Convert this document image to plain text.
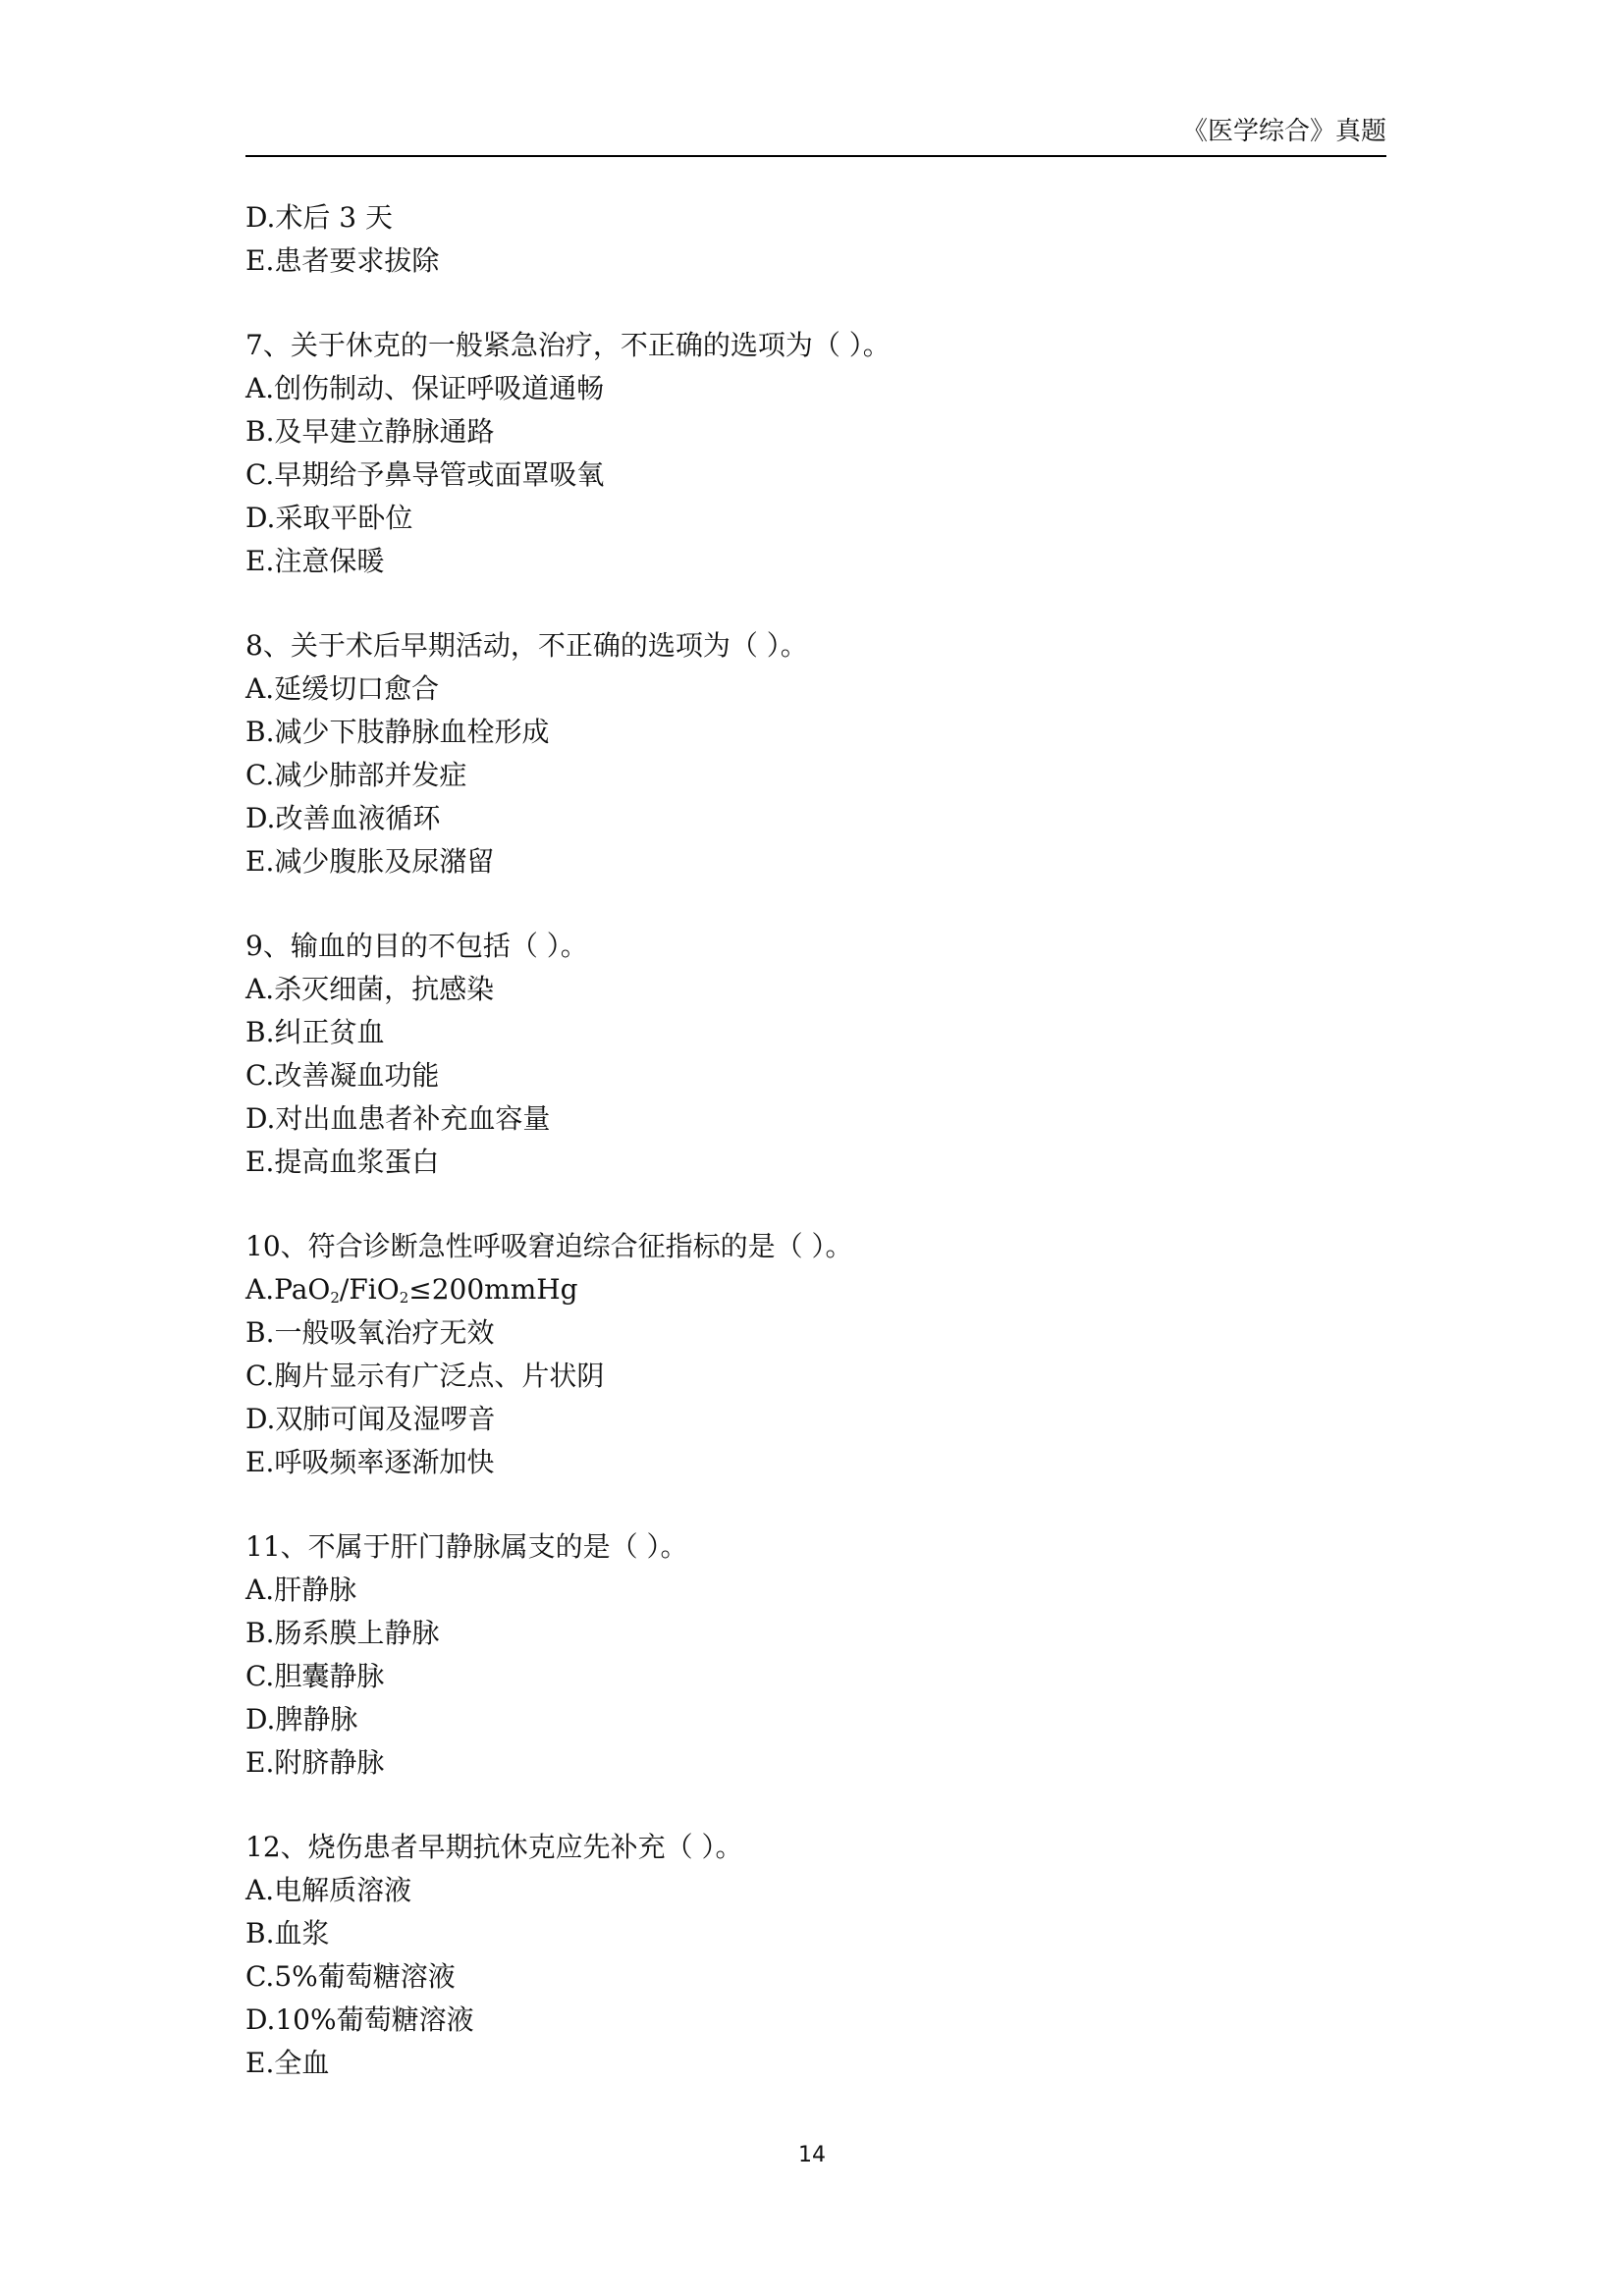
《医学综合》真题
D.术后 3 天
E.患者要求拔除
7、关于休克的一般紧急治疗，不正确的选项为（ ）。
A.创伤制动、保证呼吸道通畅
B.及早建立静脉通路
C.早期给予鼻导管或面罩吸氧
D.采取平卧位
E.注意保暖
8、关于术后早期活动，不正确的选项为（ ）。
A.延缓切口愈合
B.减少下肢静脉血栓形成
C.减少肺部并发症
D.改善血液循环
E.减少腹胀及尿潴留
9、输血的目的不包括（ ）。
A.杀灭细菌，抗感染
B.纠正贫血
C.改善凝血功能
D.对出血患者补充血容量
E.提高血浆蛋白
10、符合诊断急性呼吸窘迫综合征指标的是（ ）。
A.PaO$_2$/FiO$_2$≤200mmHg
B.一般吸氧治疗无效
C.胸片显示有广泛点、片状阴
D.双肺可闻及湿啰音
E.呼吸频率逐渐加快
11、不属于肝门静脉属支的是（ ）。
A.肝静脉
B.肠系膜上静脉
C.胆囊静脉
D.脾静脉
E.附脐静脉
12、烧伤患者早期抗休克应先补充（ ）。
A.电解质溶液
B.血浆
C.5%葡萄糖溶液
D.10%葡萄糖溶液
E.全血
14
